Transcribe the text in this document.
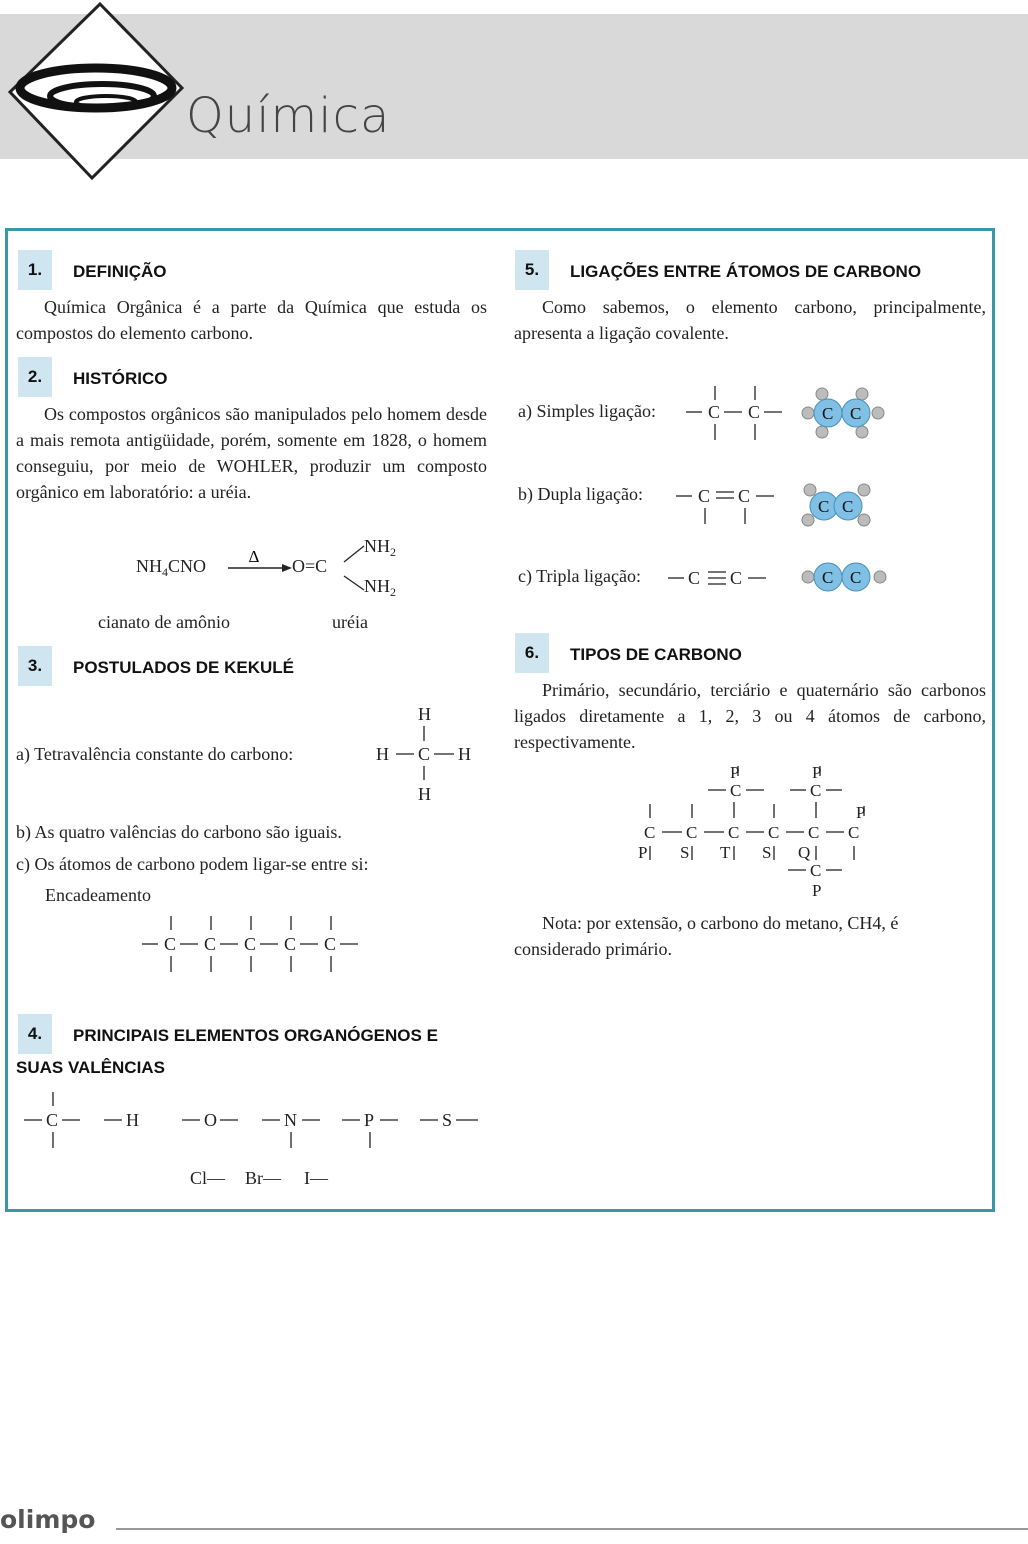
Química
1.	DEFINIÇÃO
Química Orgânica é a parte da Química que estuda os compostos do elemento carbono.
2.	HISTÓRICO
Os compostos orgânicos são manipulados pelo homem desde a mais remota antigüidade, porém, somente em 1828, o homem conseguiu, por meio de WOHLER, produzir um composto orgânico em laboratório: a uréia.
$NH_4CNO$	Δ O=C
$NH_2$
$NH_2$
cianato de amônio	uréia
3.	POSTULADOS DE KEKULÉ
a) Tetravalência constante do carbono:
H
H C H
H
b) As quatro valências do carbono são iguais.
c) Os átomos de carbono podem ligar-se entre si:
Encadeamento
C C C C C
4.	PRINCIPAIS ELEMENTOS ORGANÓGENOS E
SUAS VALÊNCIAS
C	H	O	N	P	S
Cl— Br— I—
5.	LIGAÇÕES ENTRE ÁTOMOS DE CARBONO
Como sabemos, o elemento carbono, principalmente, apresenta a ligação covalente.
a) Simples ligação:	C C	C C
b) Dupla ligação:	C C
C C
c) Tripla ligação:	C C	C C
6.	TIPOS DE CARBONO
Primário, secundário, terciário e quaternário são carbonos ligados diretamente a 1, 2, 3 ou 4 átomos de carbono, respectivamente.
P
C
P
C
C C C C C C
P
P S T S Q
C
P
Nota: por extensão, o carbono do metano, CH4, é considerado primário.
olimpo
